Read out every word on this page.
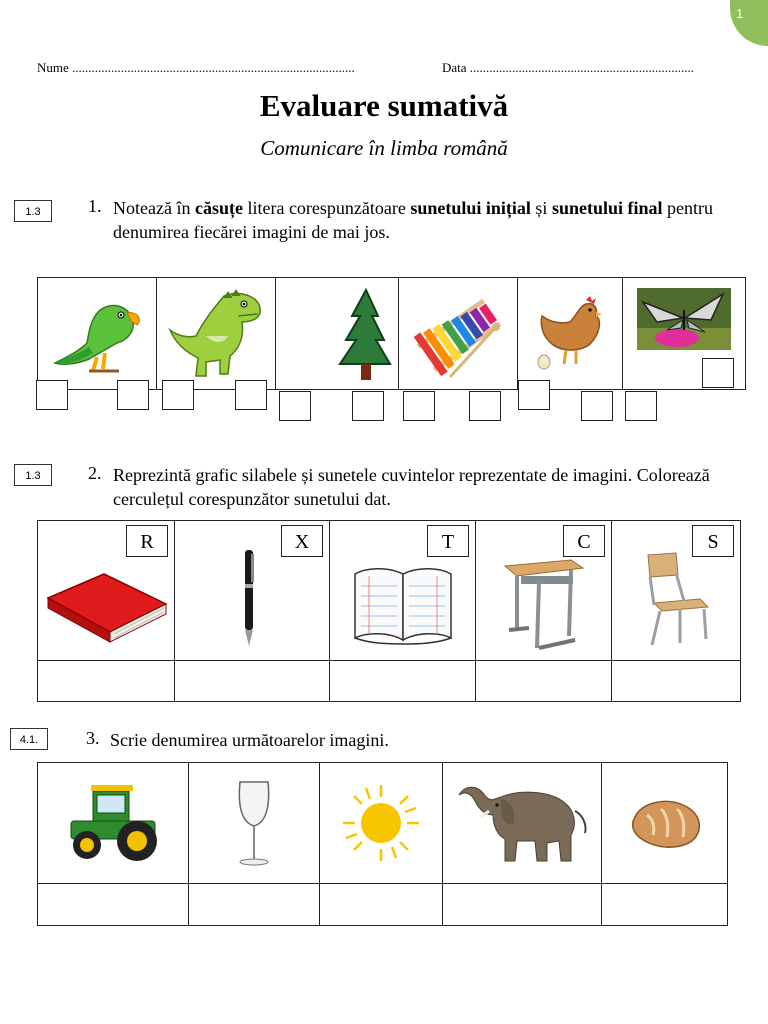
1
Nume .......................................................................................	Data .....................................................................
Evaluare sumativă
Comunicare în limba română
1.3	1. Notează în căsuțe litera corespunzătoare sunetului inițial și sunetului final pentru denumirea fiecărei imagini de mai jos.

1.3	2. Reprezintă grafic silabele și sunetele cuvintelor reprezentate de imagini. Colorează cerculețul corespunzător sunetului dat.
R	X	T	C	S

4.1.	3. Scrie denumirea următoarelor imagini.
